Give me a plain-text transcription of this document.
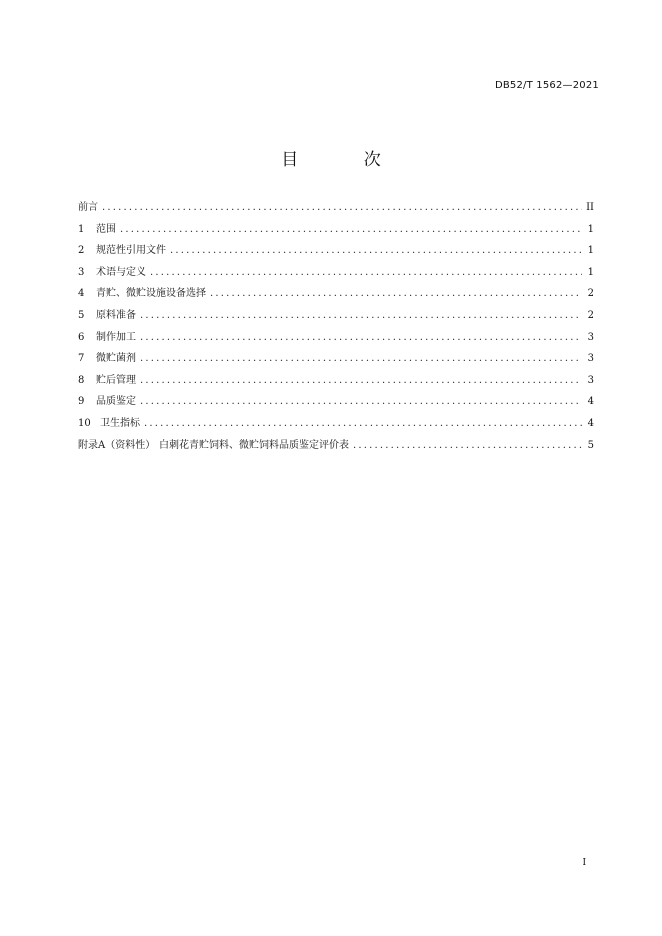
DB52/T 1562—2021
目 次
前言 .....	II
1	范围 .....	1
2	规范性引用文件 .....	1
3	术语与定义 .....	1
4	青贮、微贮设施设备选择 .....	2
5	原料准备 .....	2
6	制作加工 .....	3
7	微贮菌剂 .....	3
8	贮后管理 .....	3
9	品质鉴定 .....	4
10 卫生指标 .....	4
附录A（资料性） 白刺花青贮饲料、微贮饲料品质鉴定评价表 .....	5
I
